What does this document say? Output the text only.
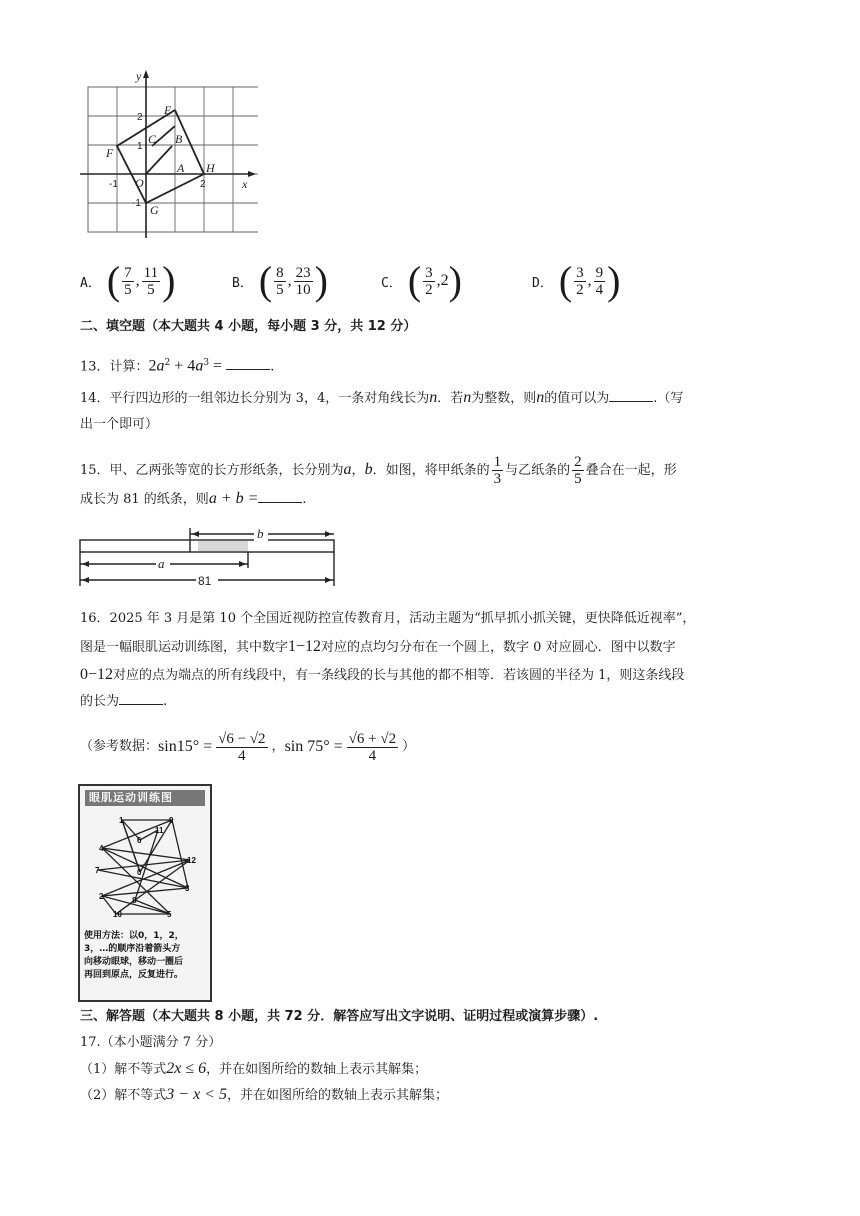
y
x
E
C B
F
A H
G
O
2
1
-1
-1	2
A． ( $\frac{7}{5}$ , $\frac{11}{5}$ )	B． ( $\frac{8}{5}$ , $\frac{23}{10}$ )	C． ( $\frac{3}{2}$ , 2 )	D． ( $\frac{3}{2}$ , $\frac{9}{4}$ )
二、填空题（本大题共 4 小题，每小题 3 分，共 12 分）
13．计算：$2a^2 + 4a^3$ =	.
14．平行四边形的一组邻边长分别为 3，4，一条对角线长为n．若n为整数，则n的值可以为	.（写
出一个即可）
15．甲、乙两张等宽的长方形纸条，长分别为a，b．如图，将甲纸条的 $\frac{1}{3}$ 与乙纸条的 $\frac{2}{5}$ 叠合在一起，形
成长为 81 的纸条，则a + b =	.
b
a
81
16．2025 年 3 月是第 10 个全国近视防控宣传教育月，活动主题为“抓早抓小抓关键，更快降低近视率”，
图是一幅眼肌运动训练图，其中数字1−12对应的点均匀分布在一个圆上，数字 0 对应圆心．图中以数字
0−12对应的点为端点的所有线段中，有一条线段的长与其他的都不相等．若该圆的半径为 1，则这条线段
的长为	.
（参考数据： $\sin 15^\circ = \frac{√6 - √2}{4}$ ， $\sin 75^\circ = \frac{√6 + √2}{4}$ ）
眼肌运动训练图
1	9
4
12
7
3
2
10	5
8
11
6
0
使用方法：以0，1，2，
3，…的顺序沿着箭头方
向移动眼球，移动一圈后
再回到原点，反复进行。
三、解答题（本大题共 8 小题，共 72 分．解答应写出文字说明、证明过程或演算步骤）.
17.（本小题满分 7 分）
（1）解不等式2x ≤ 6，并在如图所给的数轴上表示其解集；
（2）解不等式3 − x < 5，并在如图所给的数轴上表示其解集；
